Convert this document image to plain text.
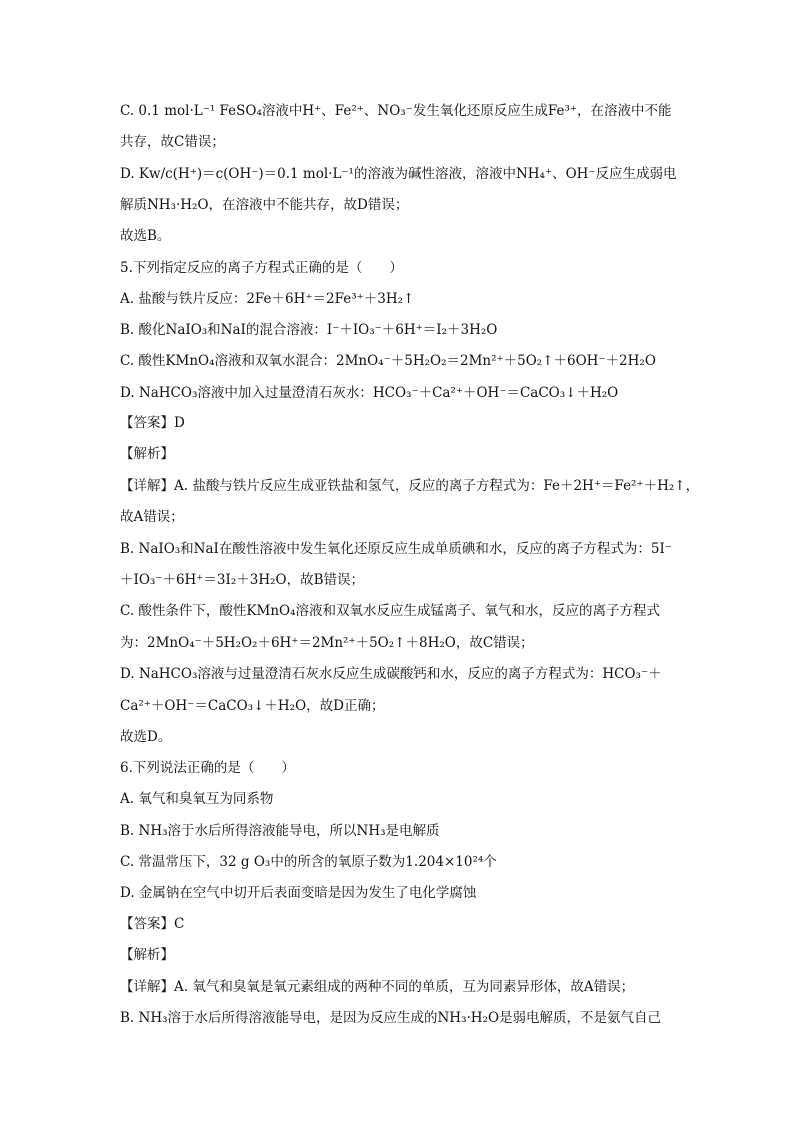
C. 0.1 mol·L⁻¹ FeSO₄溶液中H⁺、Fe²⁺、NO₃⁻发生氧化还原反应生成Fe³⁺，在溶液中不能
共存，故C错误；
D. Kw/c(H⁺)＝c(OH⁻)＝0.1 mol·L⁻¹的溶液为碱性溶液，溶液中NH₄⁺、OH⁻反应生成弱电
解质NH₃·H₂O，在溶液中不能共存，故D错误；
故选B。
5.下列指定反应的离子方程式正确的是（　　）
A. 盐酸与铁片反应：2Fe＋6H⁺＝2Fe³⁺＋3H₂↑
B. 酸化NaIO₃和NaI的混合溶液：I⁻＋IO₃⁻＋6H⁺＝I₂＋3H₂O
C. 酸性KMnO₄溶液和双氧水混合：2MnO₄⁻＋5H₂O₂＝2Mn²⁺＋5O₂↑＋6OH⁻＋2H₂O
D. NaHCO₃溶液中加入过量澄清石灰水：HCO₃⁻＋Ca²⁺＋OH⁻＝CaCO₃↓＋H₂O
【答案】D
【解析】
【详解】A. 盐酸与铁片反应生成亚铁盐和氢气，反应的离子方程式为：Fe＋2H⁺＝Fe²⁺＋H₂↑，
故A错误；
B. NaIO₃和NaI在酸性溶液中发生氧化还原反应生成单质碘和水，反应的离子方程式为：5I⁻
＋IO₃⁻＋6H⁺＝3I₂＋3H₂O，故B错误；
C. 酸性条件下，酸性KMnO₄溶液和双氧水反应生成锰离子、氧气和水，反应的离子方程式
为：2MnO₄⁻＋5H₂O₂＋6H⁺＝2Mn²⁺＋5O₂↑＋8H₂O，故C错误；
D. NaHCO₃溶液与过量澄清石灰水反应生成碳酸钙和水，反应的离子方程式为：HCO₃⁻＋
Ca²⁺＋OH⁻＝CaCO₃↓＋H₂O，故D正确；
故选D。
6.下列说法正确的是（　　）
A. 氧气和臭氧互为同系物
B. NH₃溶于水后所得溶液能导电，所以NH₃是电解质
C. 常温常压下，32 g O₃中的所含的氧原子数为1.204×10²⁴个
D. 金属钠在空气中切开后表面变暗是因为发生了电化学腐蚀
【答案】C
【解析】
【详解】A. 氧气和臭氧是氧元素组成的两种不同的单质，互为同素异形体，故A错误；
B. NH₃溶于水后所得溶液能导电，是因为反应生成的NH₃·H₂O是弱电解质，不是氨气自己
